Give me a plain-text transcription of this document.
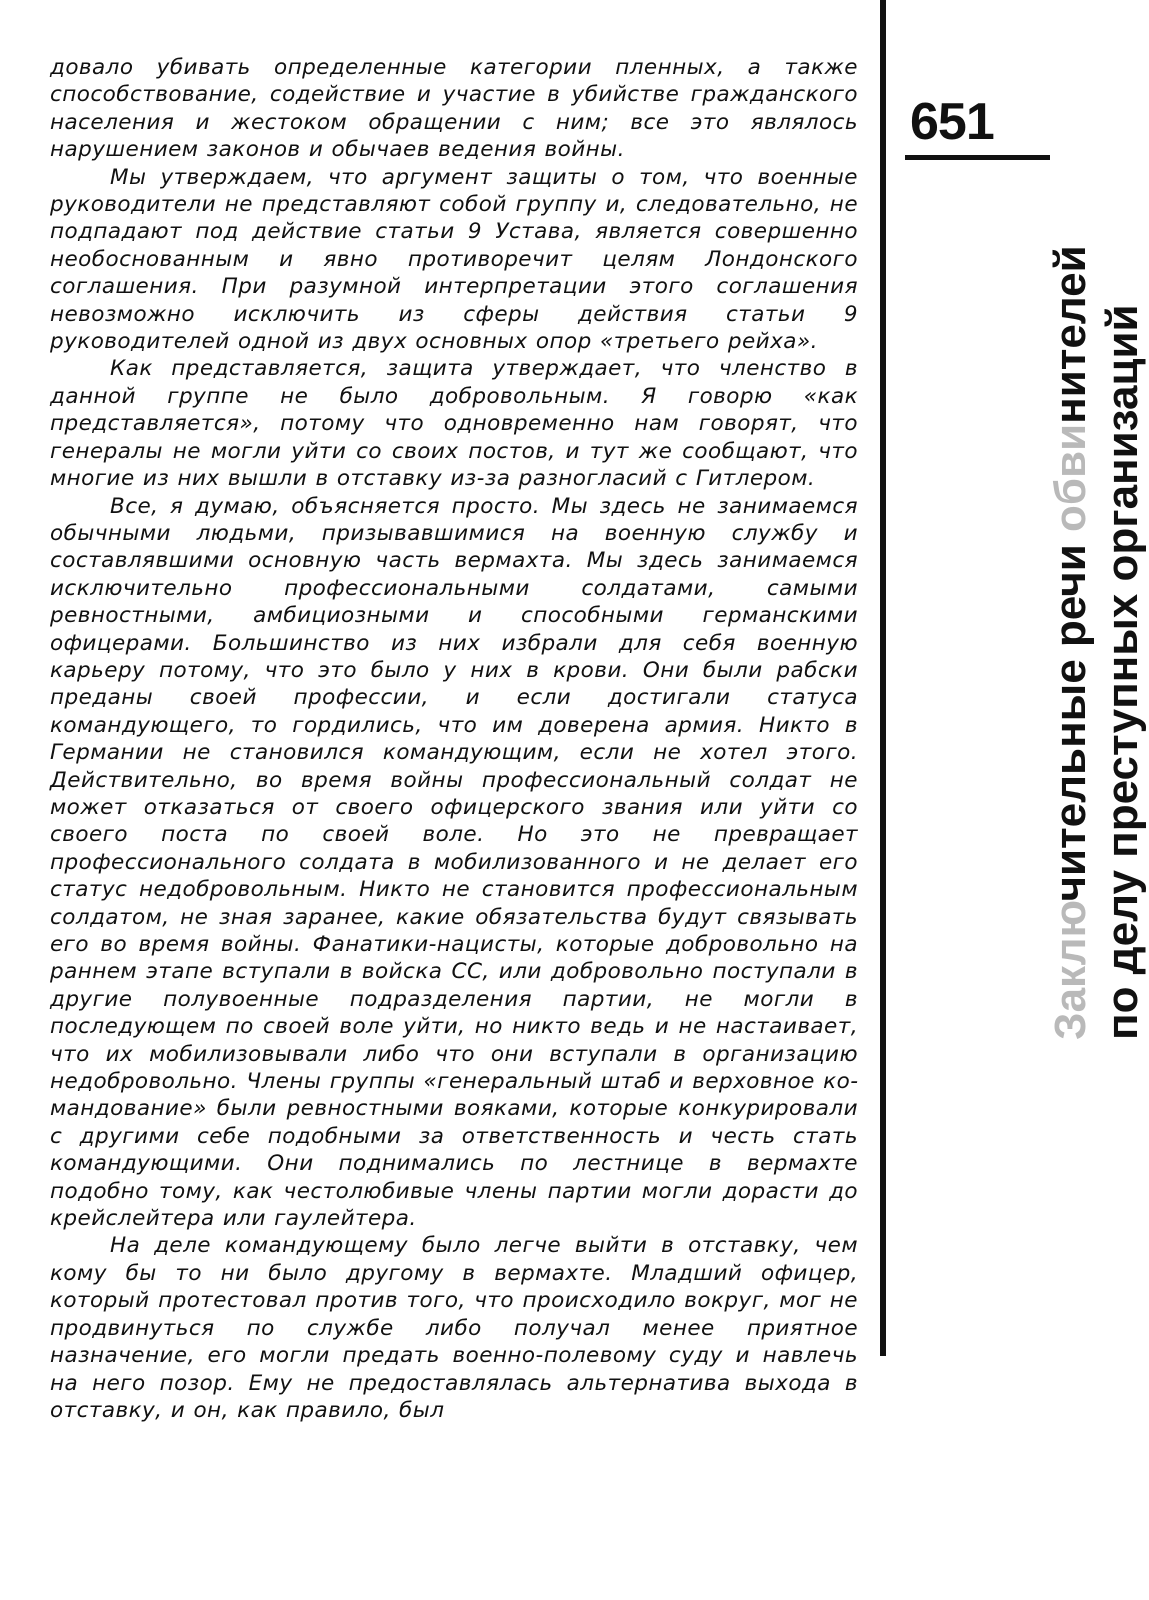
довало убивать определенные категории пленных, а также способствование, содействие и участие в убийстве гражданского населения и жестоком обращении с ним; все это являлось нарушением законов и обычаев ведения войны.

Мы утверждаем, что аргумент защиты о том, что военные руководители не представляют собой группу и, следовательно, не подпадают под действие статьи 9 Устава, является совершенно необоснованным и явно противоречит целям Лондонского соглашения. При разумной интерпретации этого соглашения невозможно исключить из сферы действия статьи 9 руководителей одной из двух основных опор «третьего рейха».

Как представляется, защита утверждает, что членство в данной группе не было добровольным. Я говорю «как представляется», потому что одновременно нам говорят, что генералы не могли уйти со своих постов, и тут же сообщают, что многие из них вышли в отставку из-за разногласий с Гитлером.

Все, я думаю, объясняется просто. Мы здесь не занимаемся обычными людьми, призывавшимися на военную службу и составлявшими основную часть вермахта. Мы здесь занимаемся исключительно профессиональными солдатами, самыми ревностными, амбициозными и способными германскими офицерами. Большинство из них избрали для себя военную карьеру потому, что это было у них в крови. Они были рабски преданы своей профессии, и если достигали статуса командующего, то гордились, что им доверена армия. Никто в Германии не становился командующим, если не хотел этого. Действительно, во время войны профессиональный солдат не может отказаться от своего офицерского звания или уйти со своего поста по своей воле. Но это не превращает профессионального солдата в мобилизованного и не делает его статус недобровольным. Никто не становится профессиональным солдатом, не зная заранее, какие обязательства будут связывать его во время войны. Фанатики-нацисты, которые добровольно на раннем этапе вступали в войска СС, или добровольно поступали в другие полувоенные подразделения партии, не могли в последующем по своей воле уйти, но никто ведь и не настаивает, что их мобилизовывали либо что они вступали в организацию недобровольно. Члены группы «генеральный штаб и верховное командование» были ревностными вояками, которые конкурировали с другими себе подобными за ответственность и честь стать командующими. Они поднимались по лестнице в вермахте подобно тому, как честолюбивые члены партии могли дорасти до крейслейтера или гаулейтера.

На деле командующему было легче выйти в отставку, чем кому бы то ни было другому в вермахте. Младший офицер, который протестовал против того, что происходило вокруг, мог не продвинуться по службе либо получал менее приятное назначение, его могли предать военно-полевому суду и навлечь на него позор. Ему не предоставлялась альтернатива выхода в отставку, и он, как правило, был

651
Заключительные речи обвинителей по делу преступных организаций
